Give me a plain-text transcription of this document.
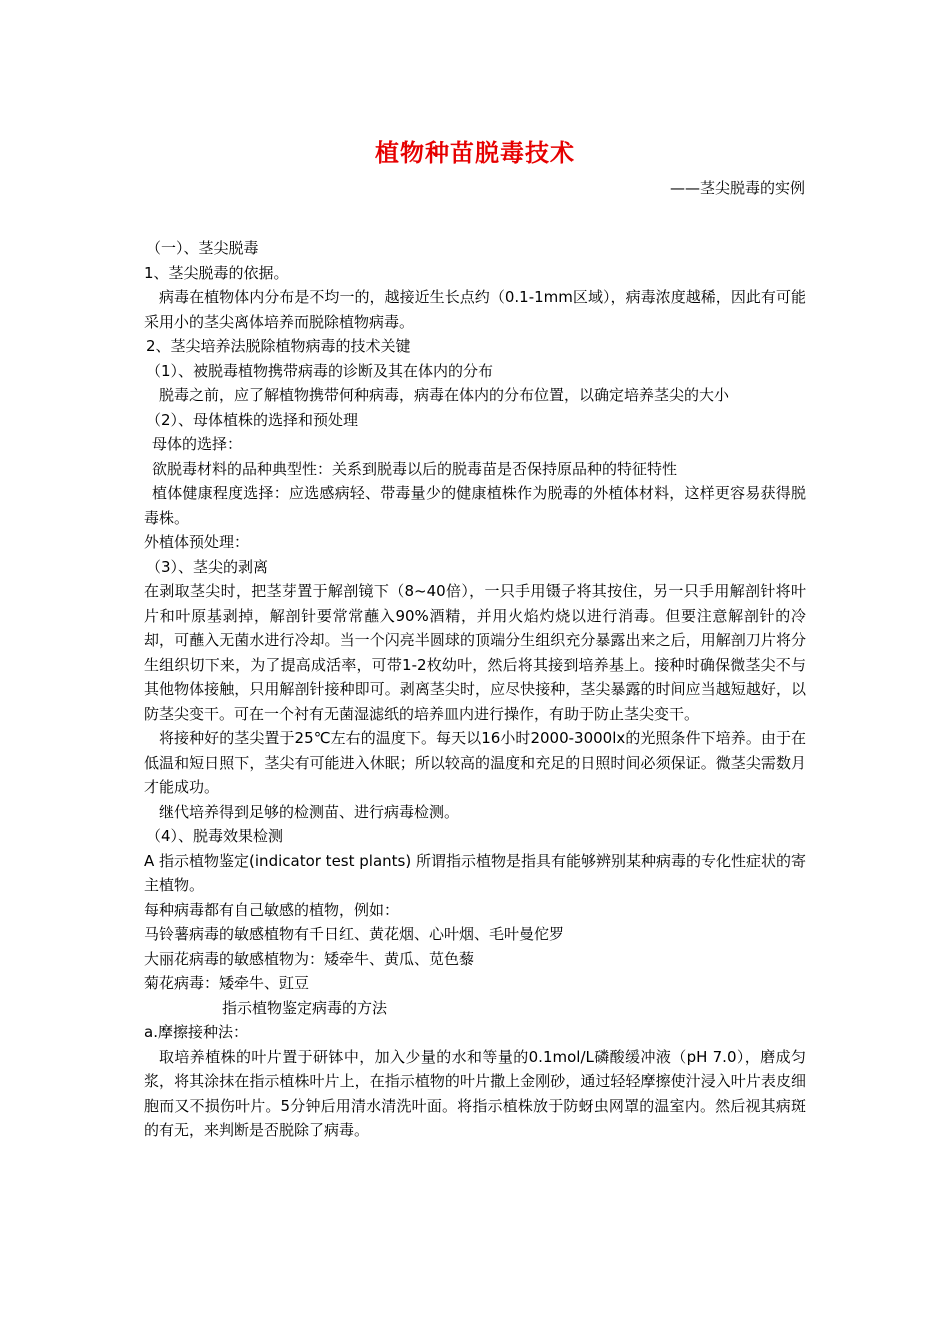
植物种苗脱毒技术
——茎尖脱毒的实例

（一）、茎尖脱毒

1、茎尖脱毒的依据。

病毒在植物体内分布是不均一的，越接近生长点约（0.1-1mm区域），病毒浓度越稀，因此有可能采用小的茎尖离体培养而脱除植物病毒。

2、茎尖培养法脱除植物病毒的技术关键

（1）、被脱毒植物携带病毒的诊断及其在体内的分布

脱毒之前，应了解植物携带何种病毒，病毒在体内的分布位置，以确定培养茎尖的大小

（2）、母体植株的选择和预处理

母体的选择：

欲脱毒材料的品种典型性：关系到脱毒以后的脱毒苗是否保持原品种的特征特性

植体健康程度选择：应选感病轻、带毒量少的健康植株作为脱毒的外植体材料，这样更容易获得脱毒株。

外植体预处理：

（3）、茎尖的剥离

在剥取茎尖时，把茎芽置于解剖镜下（8~40倍），一只手用镊子将其按住，另一只手用解剖针将叶片和叶原基剥掉，解剖针要常常蘸入90%酒精，并用火焰灼烧以进行消毒。但要注意解剖针的冷却，可蘸入无菌水进行冷却。当一个闪亮半圆球的顶端分生组织充分暴露出来之后，用解剖刀片将分生组织切下来，为了提高成活率，可带1-2枚幼叶，然后将其接到培养基上。接种时确保微茎尖不与其他物体接触，只用解剖针接种即可。剥离茎尖时，应尽快接种，茎尖暴露的时间应当越短越好，以防茎尖变干。可在一个衬有无菌湿滤纸的培养皿内进行操作，有助于防止茎尖变干。

将接种好的茎尖置于25℃左右的温度下。每天以16小时2000-3000lx的光照条件下培养。由于在低温和短日照下，茎尖有可能进入休眠；所以较高的温度和充足的日照时间必须保证。微茎尖需数月才能成功。

继代培养得到足够的检测苗、进行病毒检测。

（4）、脱毒效果检测

A 指示植物鉴定(indicator test plants) 所谓指示植物是指具有能够辨别某种病毒的专化性症状的寄主植物。

每种病毒都有自己敏感的植物，例如：

马铃薯病毒的敏感植物有千日红、黄花烟、心叶烟、毛叶曼佗罗

大丽花病毒的敏感植物为：矮牵牛、黄瓜、苋色藜

菊花病毒：矮牵牛、豇豆

指示植物鉴定病毒的方法

a.摩擦接种法：

取培养植株的叶片置于研钵中，加入少量的水和等量的0.1mol/L磷酸缓冲液（pH 7.0），磨成匀浆，将其涂抹在指示植株叶片上，在指示植物的叶片撒上金刚砂，通过轻轻摩擦使汁浸入叶片表皮细胞而又不损伤叶片。5分钟后用清水清洗叶面。将指示植株放于防蚜虫网罩的温室内。然后视其病斑的有无，来判断是否脱除了病毒。
